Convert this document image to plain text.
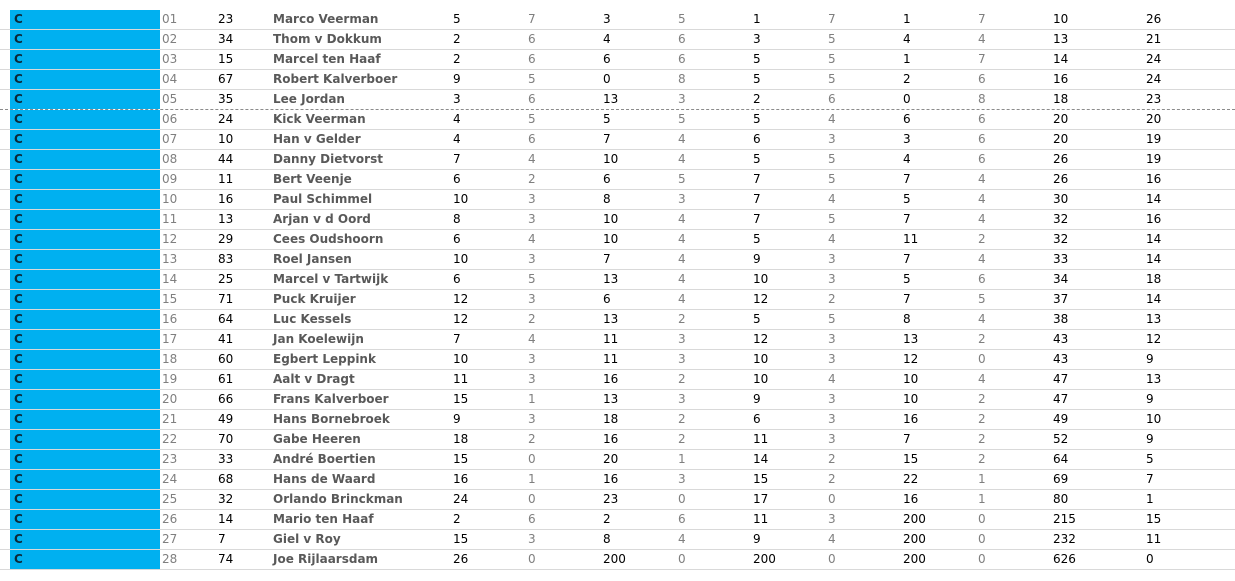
C	01	23	Marco Veerman	5	7	3	5	1	7	1	7	10	26
C	02	34	Thom v Dokkum	2	6	4	6	3	5	4	4	13	21
C	03	15	Marcel ten Haaf	2	6	6	6	5	5	1	7	14	24
C	04	67	Robert Kalverboer	9	5	0	8	5	5	2	6	16	24
C	05	35	Lee Jordan	3	6	13	3	2	6	0	8	18	23
C	06	24	Kick Veerman	4	5	5	5	5	4	6	6	20	20
C	07	10	Han v Gelder	4	6	7	4	6	3	3	6	20	19
C	08	44	Danny Dietvorst	7	4	10	4	5	5	4	6	26	19
C	09	11	Bert Veenje	6	2	6	5	7	5	7	4	26	16
C	10	16	Paul Schimmel	10	3	8	3	7	4	5	4	30	14
C	11	13	Arjan v d Oord	8	3	10	4	7	5	7	4	32	16
C	12	29	Cees Oudshoorn	6	4	10	4	5	4	11	2	32	14
C	13	83	Roel Jansen	10	3	7	4	9	3	7	4	33	14
C	14	25	Marcel v Tartwijk	6	5	13	4	10	3	5	6	34	18
C	15	71	Puck Kruijer	12	3	6	4	12	2	7	5	37	14
C	16	64	Luc Kessels	12	2	13	2	5	5	8	4	38	13
C	17	41	Jan Koelewijn	7	4	11	3	12	3	13	2	43	12
C	18	60	Egbert Leppink	10	3	11	3	10	3	12	0	43	9
C	19	61	Aalt v Dragt	11	3	16	2	10	4	10	4	47	13
C	20	66	Frans Kalverboer	15	1	13	3	9	3	10	2	47	9
C	21	49	Hans Bornebroek	9	3	18	2	6	3	16	2	49	10
C	22	70	Gabe Heeren	18	2	16	2	11	3	7	2	52	9
C	23	33	André Boertien	15	0	20	1	14	2	15	2	64	5
C	24	68	Hans de Waard	16	1	16	3	15	2	22	1	69	7
C	25	32	Orlando Brinckman	24	0	23	0	17	0	16	1	80	1
C	26	14	Mario ten Haaf	2	6	2	6	11	3	200	0	215	15
C	27	7	Giel v Roy	15	3	8	4	9	4	200	0	232	11
C	28	74	Joe Rijlaarsdam	26	0	200	0	200	0	200	0	626	0
